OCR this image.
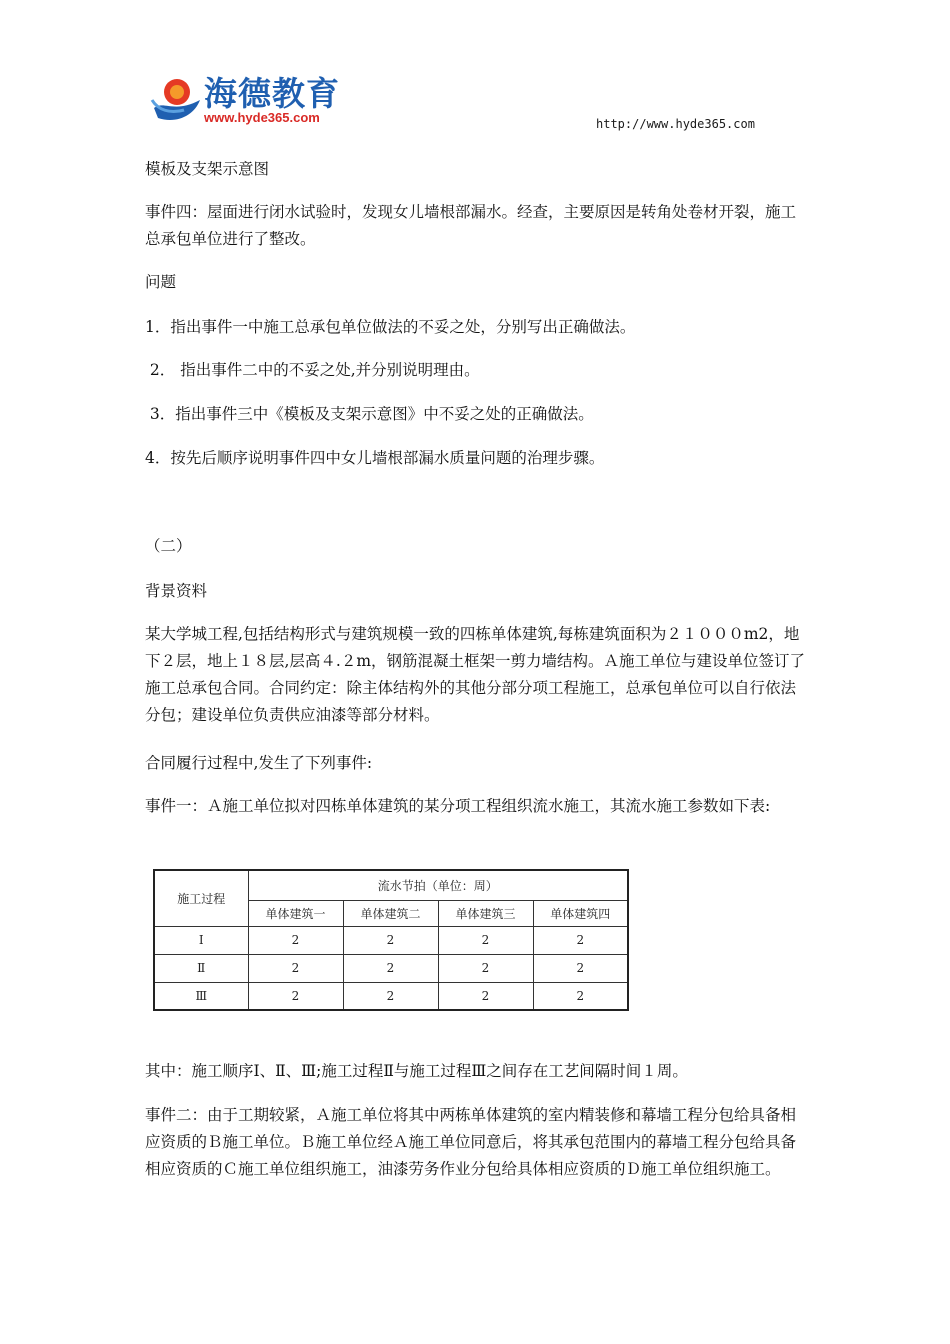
海德教育
www.hyde365.com	http://www.hyde365.com

模板及支架示意图

事件四：屋面进行闭水试验时，发现女儿墙根部漏水。经查，主要原因是转角处卷材开裂，施工总承包单位进行了整改。

问题

1．指出事件一中施工总承包单位做法的不妥之处，分别写出正确做法。

2． 指出事件二中的不妥之处,并分别说明理由。

3．指出事件三中《模板及支架示意图》中不妥之处的正确做法。

4．按先后顺序说明事件四中女儿墙根部漏水质量问题的治理步骤。

（二）

背景资料

某大学城工程,包括结构形式与建筑规模一致的四栋单体建筑,每栋建筑面积为２１０００m2，地下２层，地上１８层,层高４.２m，钢筋混凝土框架一剪力墙结构。Ａ施工单位与建设单位签订了施工总承包合同。合同约定：除主体结构外的其他分部分项工程施工，总承包单位可以自行依法分包；建设单位负责供应油漆等部分材料。

合同履行过程中,发生了下列事件:

事件一：Ａ施工单位拟对四栋单体建筑的某分项工程组织流水施工，其流水施工参数如下表:

其中：施工顺序Ⅰ、Ⅱ、Ⅲ;施工过程Ⅱ与施工过程Ⅲ之间存在工艺间隔时间１周。

事件二：由于工期较紧，Ａ施工单位将其中两栋单体建筑的室内精装修和幕墙工程分包给具备相应资质的Ｂ施工单位。Ｂ施工单位经Ａ施工单位同意后，将其承包范围内的幕墙工程分包给具备相应资质的Ｃ施工单位组织施工，油漆劳务作业分包给具体相应资质的Ｄ施工单位组织施工。

施工过程	流水节拍（单位：周）			
	单体建筑一	单体建筑二	单体建筑三	单体建筑四
Ⅰ	2	2	2	2
Ⅱ	2	2	2	2
Ⅲ	2	2	2	2
